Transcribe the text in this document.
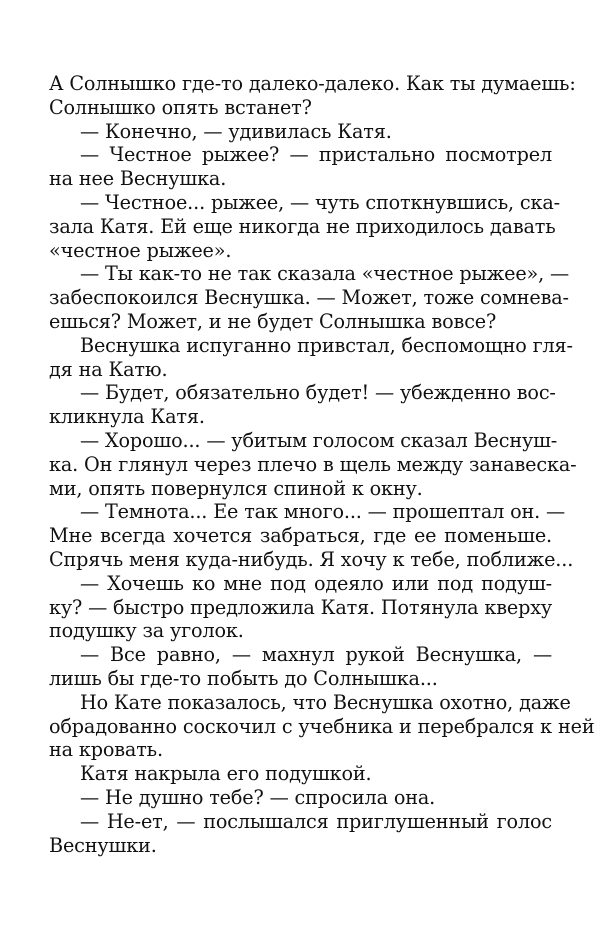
А Солнышко где-то далеко-далеко. Как ты думаешь:
Солнышко опять встанет?
— Конечно, — удивилась Катя.
— Честное рыжее? — пристально посмотрел
на нее Веснушка.
— Честное... рыжее, — чуть споткнувшись, ска-
зала Катя. Ей еще никогда не приходилось давать
«честное рыжее».
— Ты как-то не так сказала «честное рыжее», —
забеспокоился Веснушка. — Может, тоже сомнева-
ешься? Может, и не будет Солнышка вовсе?
Веснушка испуганно привстал, беспомощно гля-
дя на Катю.
— Будет, обязательно будет! — убежденно вос-
кликнула Катя.
— Хорошо... — убитым голосом сказал Веснуш-
ка. Он глянул через плечо в щель между занавеска-
ми, опять повернулся спиной к окну.
— Темнота... Ее так много... — прошептал он. —
Мне всегда хочется забраться, где ее поменьше.
Спрячь меня куда-нибудь. Я хочу к тебе, поближе...
— Хочешь ко мне под одеяло или под подуш-
ку? — быстро предложила Катя. Потянула кверху
подушку за уголок.
— Все равно, — махнул рукой Веснушка, —
лишь бы где-то побыть до Солнышка...
Но Кате показалось, что Веснушка охотно, даже
обрадованно соскочил с учебника и перебрался к ней
на кровать.
Катя накрыла его подушкой.
— Не душно тебе? — спросила она.
— Не-ет, — послышался приглушенный голос
Веснушки.
